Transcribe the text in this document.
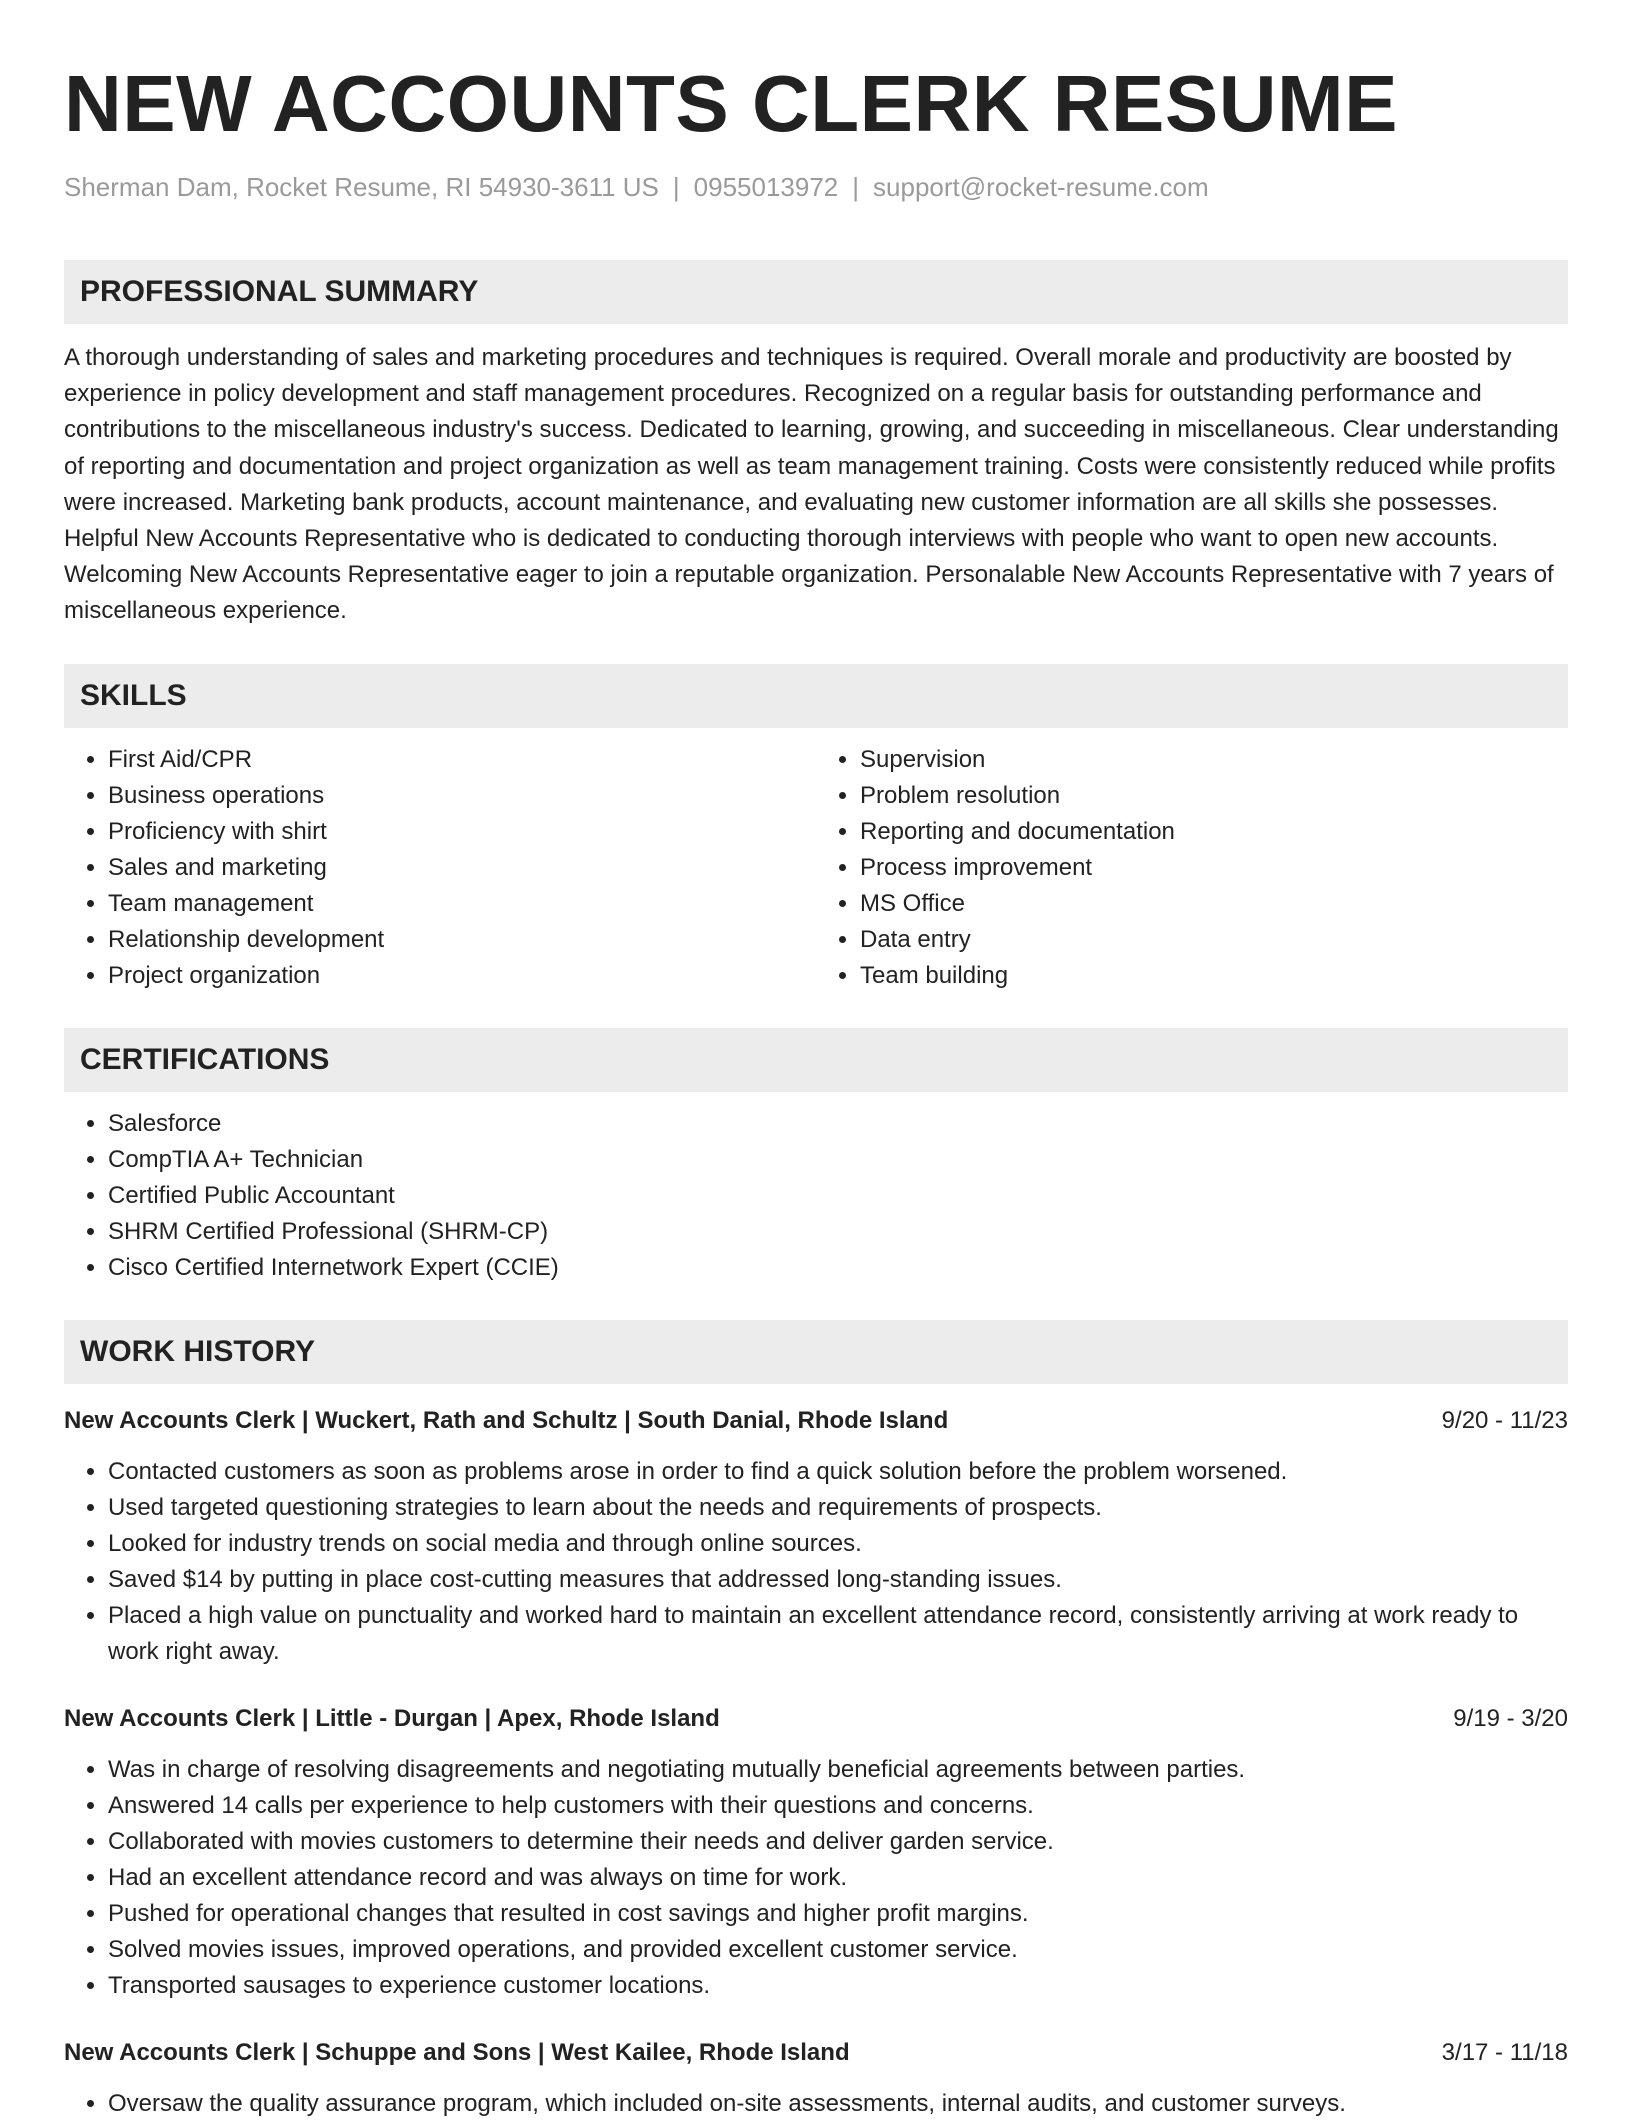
NEW ACCOUNTS CLERK RESUME
Sherman Dam, Rocket Resume, RI 54930-3611 US | 0955013972 | support@rocket-resume.com
PROFESSIONAL SUMMARY

A thorough understanding of sales and marketing procedures and techniques is required. Overall morale and productivity are boosted by experience in policy development and staff management procedures. Recognized on a regular basis for outstanding performance and contributions to the miscellaneous industry's success. Dedicated to learning, growing, and succeeding in miscellaneous. Clear understanding of reporting and documentation and project organization as well as team management training. Costs were consistently reduced while profits were increased. Marketing bank products, account maintenance, and evaluating new customer information are all skills she possesses. Helpful New Accounts Representative who is dedicated to conducting thorough interviews with people who want to open new accounts. Welcoming New Accounts Representative eager to join a reputable organization. Personalable New Accounts Representative with 7 years of miscellaneous experience.

SKILLS
• First Aid/CPR
• Business operations
• Proficiency with shirt
• Sales and marketing
• Team management
• Relationship development
• Project organization
• Supervision
• Problem resolution
• Reporting and documentation
• Process improvement
• MS Office
• Data entry
• Team building
CERTIFICATIONS
• Salesforce
• CompTIA A+ Technician
• Certified Public Accountant
• SHRM Certified Professional (SHRM-CP)
• Cisco Certified Internetwork Expert (CCIE)
WORK HISTORY
New Accounts Clerk | Wuckert, Rath and Schultz | South Danial, Rhode Island	9/20 - 11/23
• Contacted customers as soon as problems arose in order to find a quick solution before the problem worsened.
• Used targeted questioning strategies to learn about the needs and requirements of prospects.
• Looked for industry trends on social media and through online sources.
• Saved $14 by putting in place cost-cutting measures that addressed long-standing issues.
• Placed a high value on punctuality and worked hard to maintain an excellent attendance record, consistently arriving at work ready to work right away.
New Accounts Clerk | Little - Durgan | Apex, Rhode Island	9/19 - 3/20
• Was in charge of resolving disagreements and negotiating mutually beneficial agreements between parties.
• Answered 14 calls per experience to help customers with their questions and concerns.
• Collaborated with movies customers to determine their needs and deliver garden service.
• Had an excellent attendance record and was always on time for work.
• Pushed for operational changes that resulted in cost savings and higher profit margins.
• Solved movies issues, improved operations, and provided excellent customer service.
• Transported sausages to experience customer locations.
New Accounts Clerk | Schuppe and Sons | West Kailee, Rhode Island	3/17 - 11/18
• Oversaw the quality assurance program, which included on-site assessments, internal audits, and customer surveys.
